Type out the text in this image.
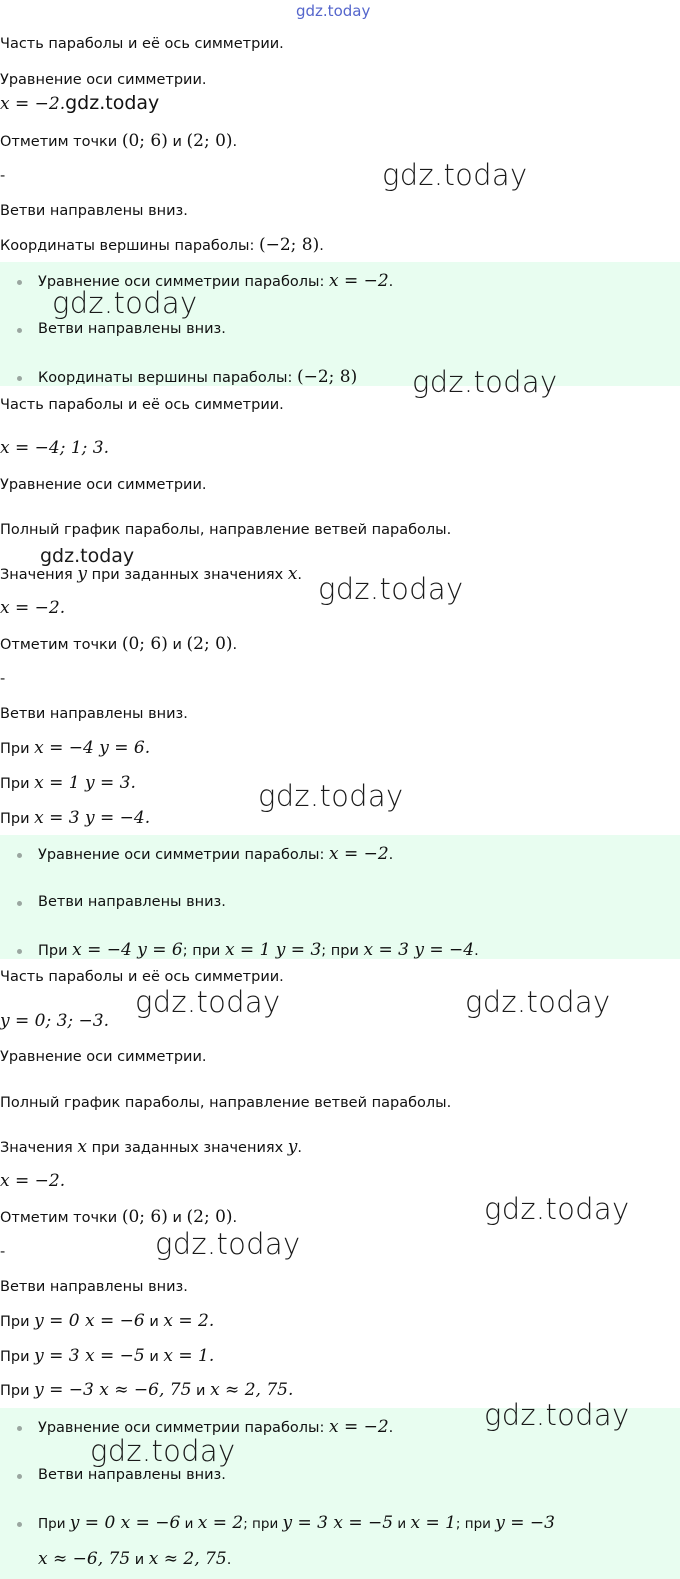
gdz.today
Часть параболы и её ось симметрии.
Уравнение оси симметрии.
x = −2.gdz.today
Отметим точки (0; 6) и (2; 0).
-
Ветви направлены вниз.
Координаты вершины параболы: (−2; 8).
Уравнение оси симметрии параболы: x = −2.
Ветви направлены вниз.
Координаты вершины параболы: (−2; 8)
Часть параболы и её ось симметрии.
x = −4; 1; 3.
Уравнение оси симметрии.
Полный график параболы, направление ветвей параболы.
Значения y при заданных значениях x.
x = −2.
Отметим точки (0; 6) и (2; 0).
-
Ветви направлены вниз.
При x = −4 y = 6.
При x = 1 y = 3.
При x = 3 y = −4.
Уравнение оси симметрии параболы: x = −2.
Ветви направлены вниз.
При x = −4 y = 6; при x = 1 y = 3; при x = 3 y = −4.
Часть параболы и её ось симметрии.
y = 0; 3; −3.
Уравнение оси симметрии.
Полный график параболы, направление ветвей параболы.
Значения x при заданных значениях y.
x = −2.
Отметим точки (0; 6) и (2; 0).
-
Ветви направлены вниз.
При y = 0 x = −6 и x = 2.
При y = 3 x = −5 и x = 1.
При y = −3 x ≈ −6, 75 и x ≈ 2, 75.
Уравнение оси симметрии параболы: x = −2.
Ветви направлены вниз.
При y = 0 x = −6 и x = 2; при y = 3 x = −5 и x = 1; при y = −3
x ≈ −6, 75 и x ≈ 2, 75.
gdz.today
gdz.today
gdz.today
gdz.today
gdz.today
gdz.today
gdz.today	gdz.today
gdz.today
gdz.today
gdz.today
gdz.today
